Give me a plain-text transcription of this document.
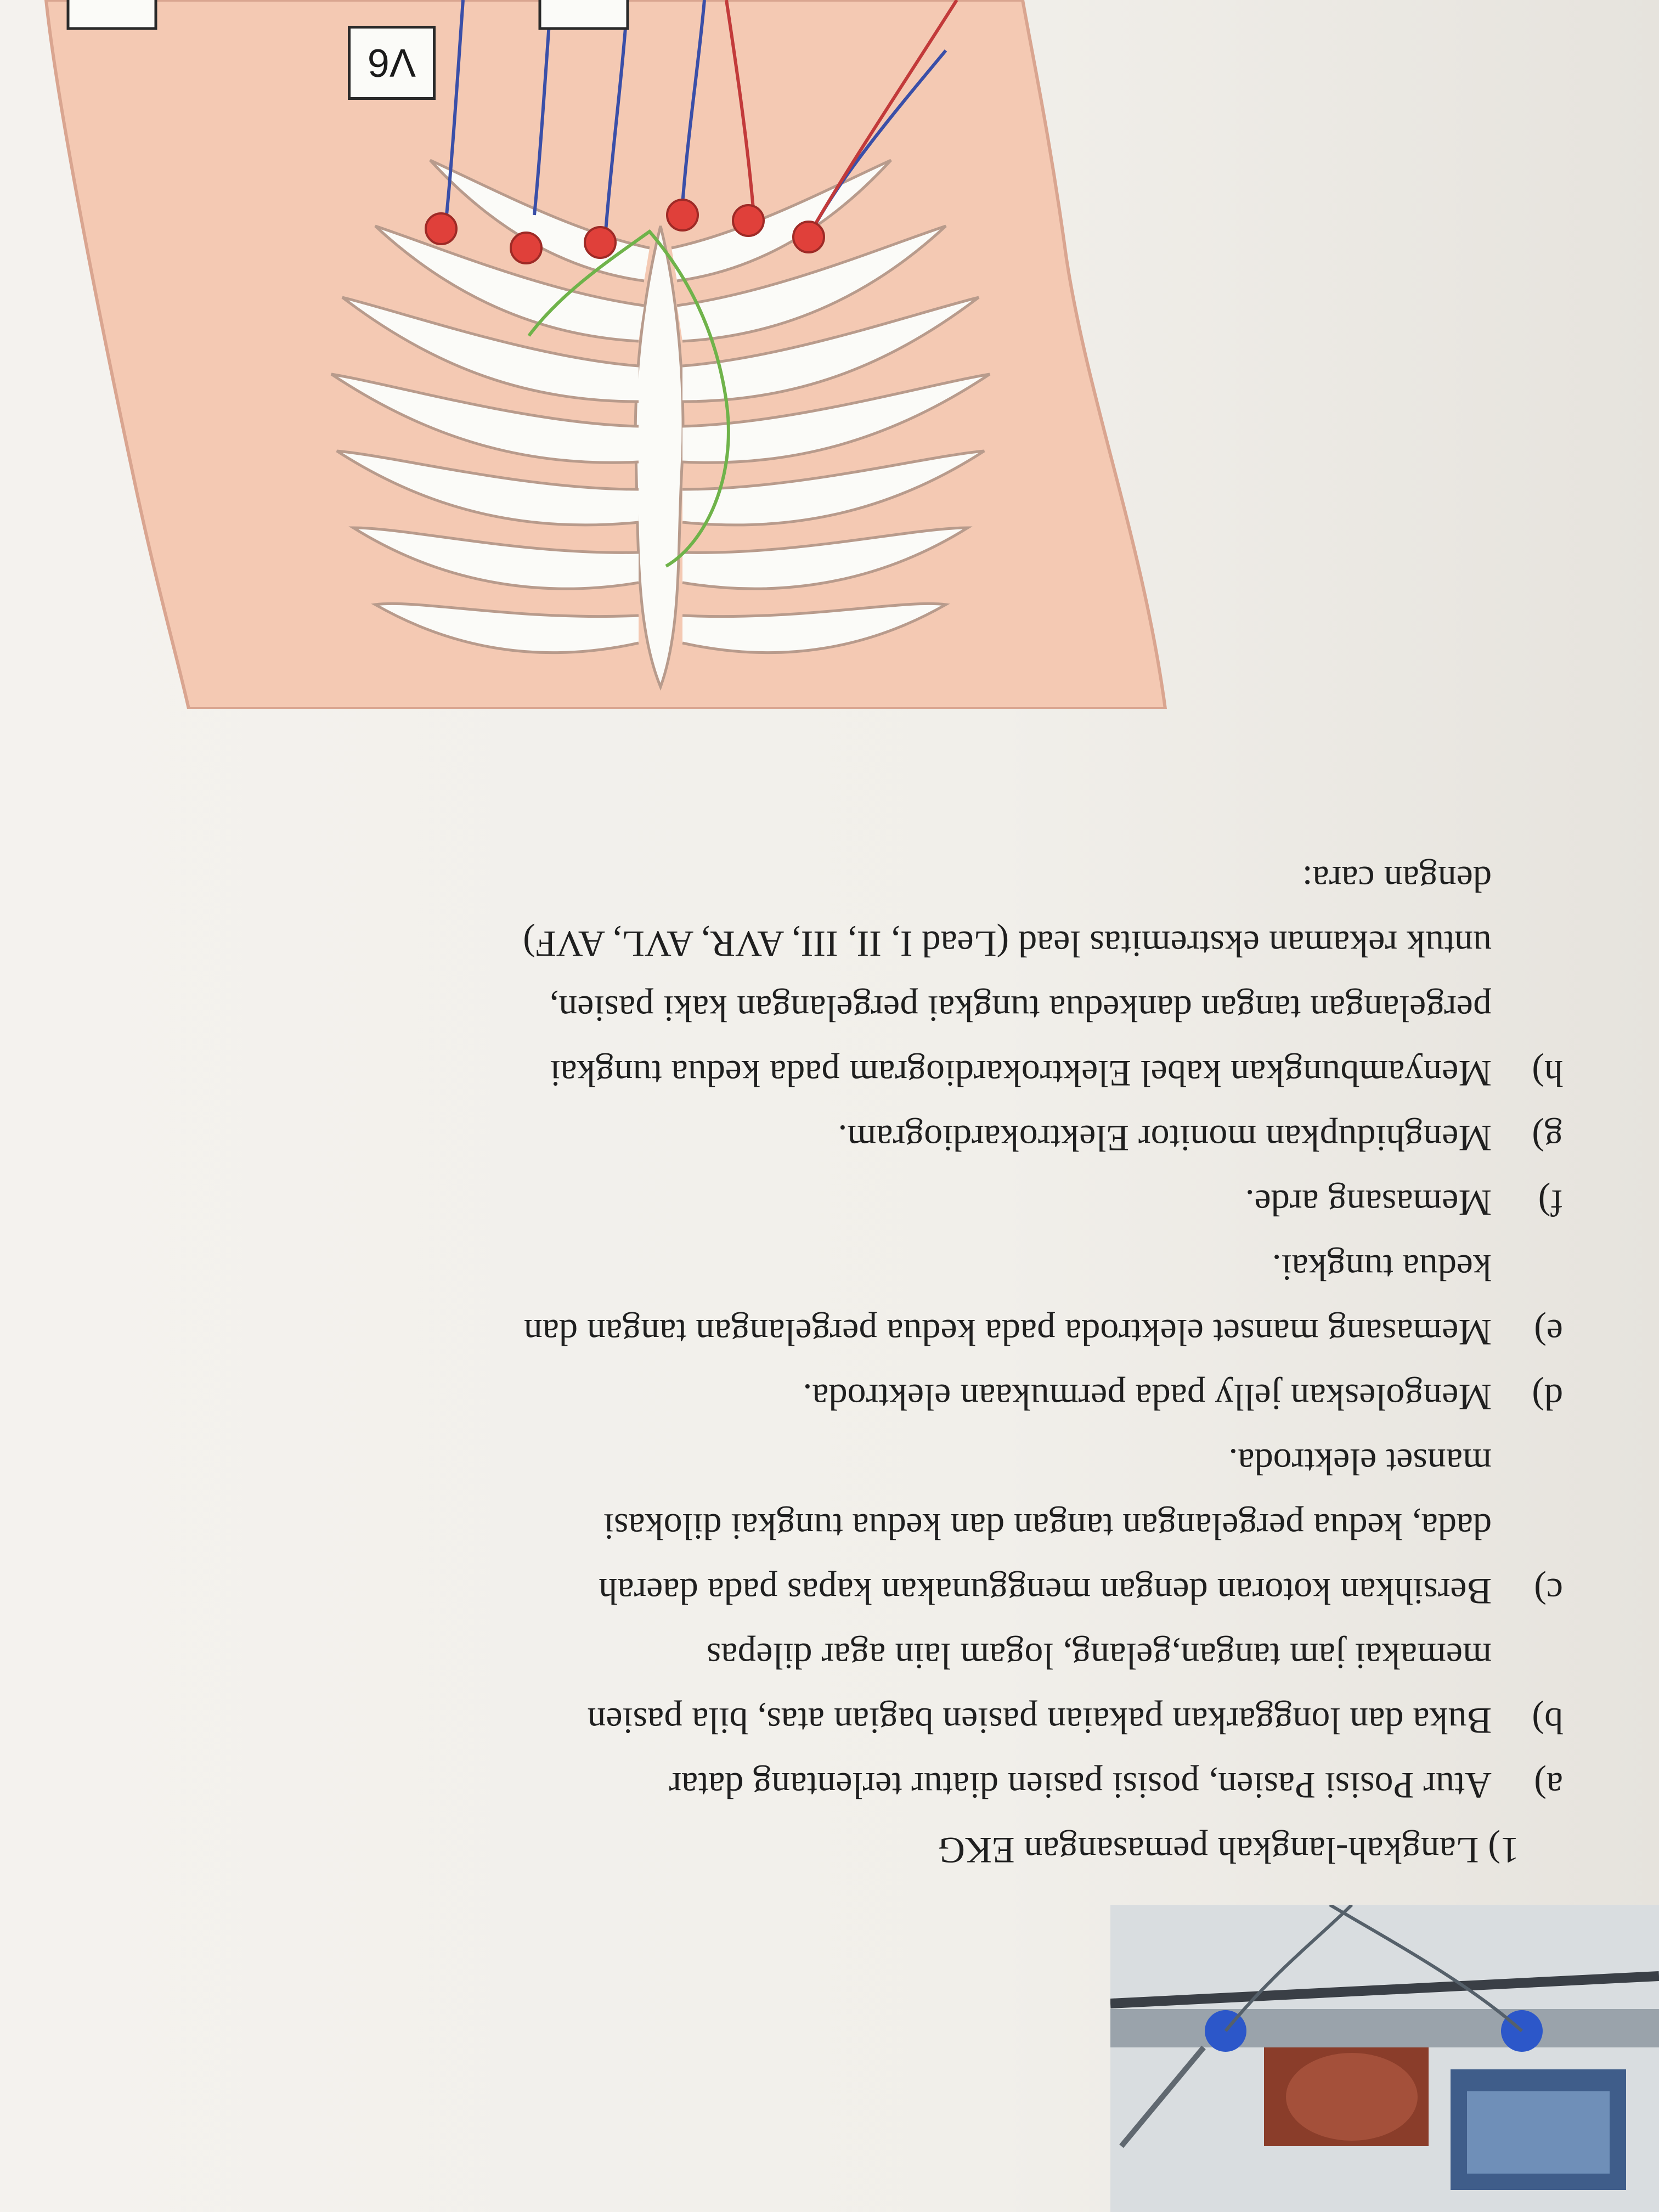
1) Langkah-langkah pemasangan EKG
a)
Atur Posisi Pasien, posisi pasien diatur terlentang datar
b)
Buka dan longgarkan pakaian pasien bagian atas, bila pasien
memakai jam tangan,gelang, logam lain agar dilepas
c)
Bersihkan kotoran dengan menggunakan kapas pada daerah
dada, kedua pergelangan tangan dan kedua tungkai dilokasi
manset elektroda.
d)
Mengoleskan jelly pada permukaan elektroda.
e)
Memasang manset elektroda pada kedua pergelangan tangan dan
kedua tungkai.
f)
Memasang arde.
g)
Menghidupkan monitor Elektrokardiogram.
h)
Menyambungkan kabel Elektrokardiogram pada kedua tungkai
pergelangan tangan dankedua tungkai pergelangan kaki pasien,
untuk rekaman ekstremitas lead (Lead I, II, III, AVR, AVL, AVF)
dengan cara:
V6
